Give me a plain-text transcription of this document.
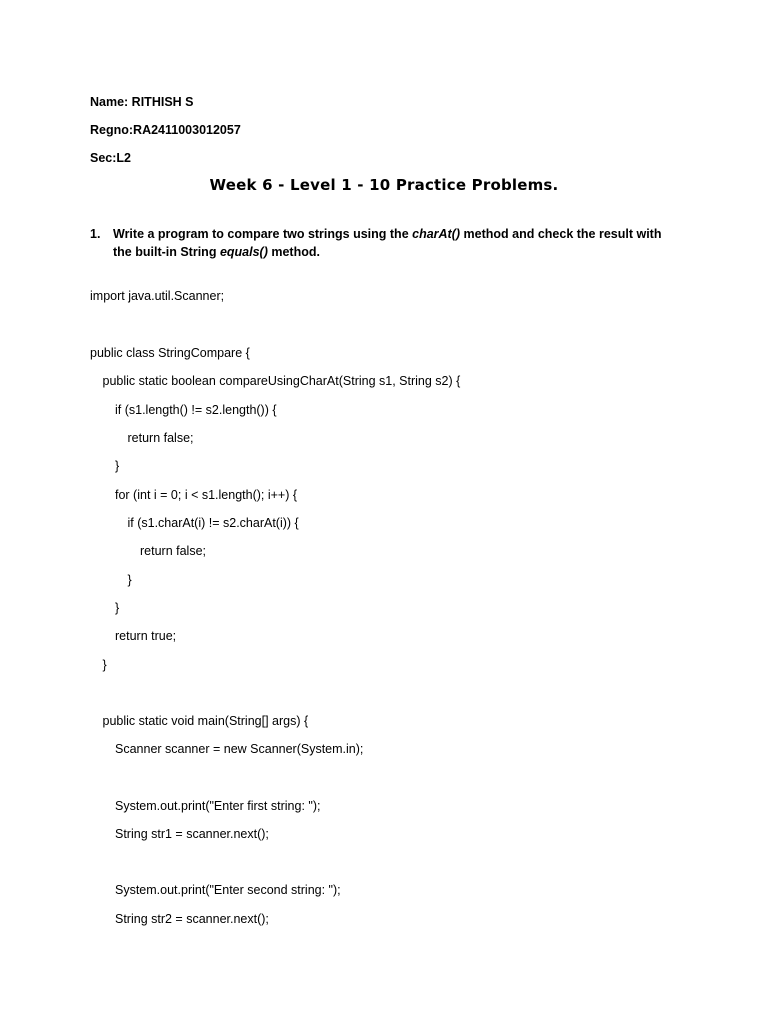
Name: RITHISH S
Regno:RA2411003012057
Sec:L2
Week 6 - Level 1 - 10 Practice Problems.
1. Write a program to compare two strings using the charAt() method and check the result with the built-in String equals() method.
import java.util.Scanner;
public class StringCompare {
public static boolean compareUsingCharAt(String s1, String s2) {
if (s1.length() != s2.length()) {
return false;
}
for (int i = 0; i < s1.length(); i++) {
if (s1.charAt(i) != s2.charAt(i)) {
return false;
}
}
return true;
}
public static void main(String[] args) {
Scanner scanner = new Scanner(System.in);
System.out.print("Enter first string: ");
String str1 = scanner.next();
System.out.print("Enter second string: ");
String str2 = scanner.next();
